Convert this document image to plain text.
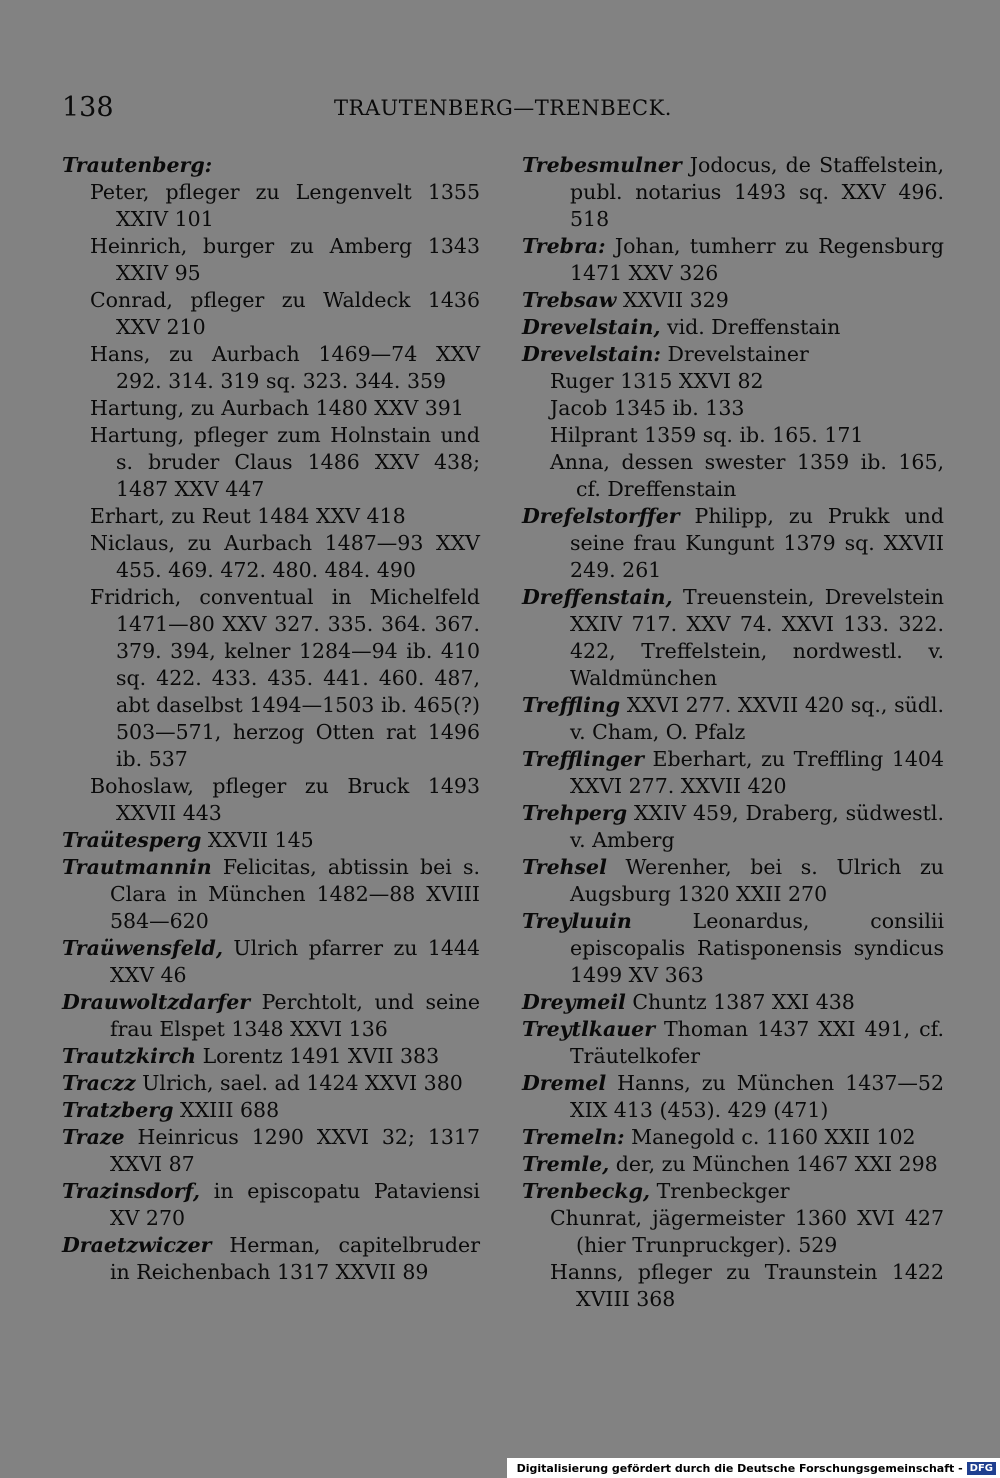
138	TRAUTENBERG—TRENBECK.
Trautenberg:
Peter, pfleger zu Lengenvelt 1355 XXIV 101
Heinrich, burger zu Amberg 1343 XXIV 95
Conrad, pfleger zu Waldeck 1436 XXV 210
Hans, zu Aurbach 1469—74 XXV 292. 314. 319 sq. 323. 344. 359
Hartung, zu Aurbach 1480 XXV 391
Hartung, pfleger zum Holnstain und s. bruder Claus 1486 XXV 438; 1487 XXV 447
Erhart, zu Reut 1484 XXV 418
Niclaus, zu Aurbach 1487—93 XXV 455. 469. 472. 480. 484. 490
Fridrich, conventual in Michelfeld 1471—80 XXV 327. 335. 364. 367. 379. 394, kelner 1284—94 ib. 410 sq. 422. 433. 435. 441. 460. 487, abt daselbst 1494—1503 ib. 465(?) 503—571, herzog Otten rat 1496 ib. 537
Bohoslaw, pfleger zu Bruck 1493 XXVII 443
Traütesperg XXVII 145
Trautmannin Felicitas, abtissin bei s. Clara in München 1482—88 XVIII 584—620
Traüwensfeld, Ulrich pfarrer zu 1444 XXV 46
Drauwoltzdarfer Perchtolt, und seine frau Elspet 1348 XXVI 136
Trautzkirch Lorentz 1491 XVII 383
Traczz Ulrich, sael. ad 1424 XXVI 380
Tratzberg XXIII 688
Traze Heinricus 1290 XXVI 32; 1317 XXVI 87
Trazinsdorf, in episcopatu Pataviensi XV 270
Draetzwiczer Herman, capitelbruder in Reichenbach 1317 XXVII 89
Trebesmulner Jodocus, de Staffelstein, publ. notarius 1493 sq. XXV 496. 518
Trebra: Johan, tumherr zu Regensburg 1471 XXV 326
Trebsaw XXVII 329
Drevelstain, vid. Dreffenstain
Drevelstain: Drevelstainer
Ruger 1315 XXVI 82
Jacob 1345 ib. 133
Hilprant 1359 sq. ib. 165. 171
Anna, dessen swester 1359 ib. 165, cf. Dreffenstain
Drefelstorffer Philipp, zu Prukk und seine frau Kungunt 1379 sq. XXVII 249. 261
Dreffenstain, Treuenstein, Drevelstein XXIV 717. XXV 74. XXVI 133. 322. 422, Treffelstein, nordwestl. v. Waldmünchen
Treffling XXVI 277. XXVII 420 sq., südl. v. Cham, O. Pfalz
Trefflinger Eberhart, zu Treffling 1404 XXVI 277. XXVII 420
Trehperg XXIV 459, Draberg, südwestl. v. Amberg
Trehsel Werenher, bei s. Ulrich zu Augsburg 1320 XXII 270
Treyluuin Leonardus, consilii episcopalis Ratisponensis syndicus 1499 XV 363
Dreymeil Chuntz 1387 XXI 438
Treytlkauer Thoman 1437 XXI 491, cf. Träutelkofer
Dremel Hanns, zu München 1437—52 XIX 413 (453). 429 (471)
Tremeln: Manegold c. 1160 XXII 102
Tremle, der, zu München 1467 XXI 298
Trenbeckg, Trenbeckger
Chunrat, jägermeister 1360 XVI 427 (hier Trunpruckger). 529
Hanns, pfleger zu Traunstein 1422 XVIII 368
Digitalisierung gefördert durch die Deutsche Forschungsgemeinschaft - DFG
